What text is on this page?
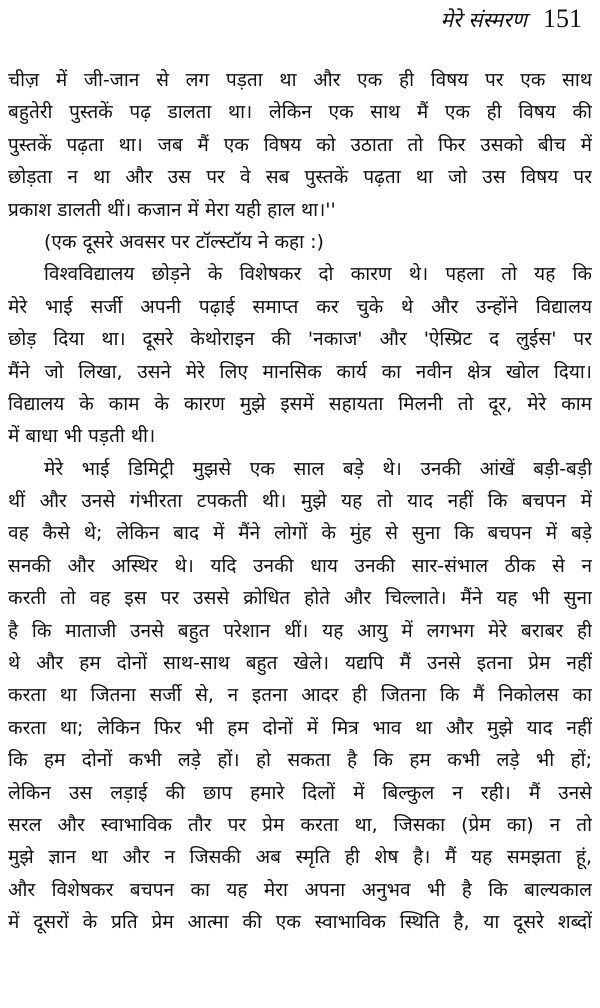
मेरे संस्मरण 151
चीज़ में जी-जान से लग पड़ता था और एक ही विषय पर एक साथ
बहुतेरी पुस्तकें पढ़ डालता था। लेकिन एक साथ मैं एक ही विषय की
पुस्तकें पढ़ता था। जब मैं एक विषय को उठाता तो फिर उसको बीच में
छोड़ता न था और उस पर वे सब पुस्तकें पढ़ता था जो उस विषय पर
प्रकाश डालती थीं। कजान में मेरा यही हाल था।''
(एक दूसरे अवसर पर टॉल्स्टॉय ने कहा :)
विश्वविद्यालय छोड़ने के विशेषकर दो कारण थे। पहला तो यह कि
मेरे भाई सर्जी अपनी पढ़ाई समाप्त कर चुके थे और उन्होंने विद्यालय
छोड़ दिया था। दूसरे केथोराइन की 'नकाज' और 'ऐस्प्रिट द लुईस' पर
मैंने जो लिखा, उसने मेरे लिए मानसिक कार्य का नवीन क्षेत्र खोल दिया।
विद्यालय के काम के कारण मुझे इसमें सहायता मिलनी तो दूर, मेरे काम
में बाधा भी पड़ती थी।
मेरे भाई डिमिट्री मुझसे एक साल बड़े थे। उनकी आंखें बड़ी-बड़ी
थीं और उनसे गंभीरता टपकती थी। मुझे यह तो याद नहीं कि बचपन में
वह कैसे थे; लेकिन बाद में मैंने लोगों के मुंह से सुना कि बचपन में बड़े
सनकी और अस्थिर थे। यदि उनकी धाय उनकी सार-संभाल ठीक से न
करती तो वह इस पर उससे क्रोधित होते और चिल्लाते। मैंने यह भी सुना
है कि माताजी उनसे बहुत परेशान थीं। यह आयु में लगभग मेरे बराबर ही
थे और हम दोनों साथ-साथ बहुत खेले। यद्यपि मैं उनसे इतना प्रेम नहीं
करता था जितना सर्जी से, न इतना आदर ही जितना कि मैं निकोलस का
करता था; लेकिन फिर भी हम दोनों में मित्र भाव था और मुझे याद नहीं
कि हम दोनों कभी लड़े हों। हो सकता है कि हम कभी लड़े भी हों;
लेकिन उस लड़ाई की छाप हमारे दिलों में बिल्कुल न रही। मैं उनसे
सरल और स्वाभाविक तौर पर प्रेम करता था, जिसका (प्रेम का) न तो
मुझे ज्ञान था और न जिसकी अब स्मृति ही शेष है। मैं यह समझता हूं,
और विशेषकर बचपन का यह मेरा अपना अनुभव भी है कि बाल्यकाल
में दूसरों के प्रति प्रेम आत्मा की एक स्वाभाविक स्थिति है, या दूसरे शब्दों
